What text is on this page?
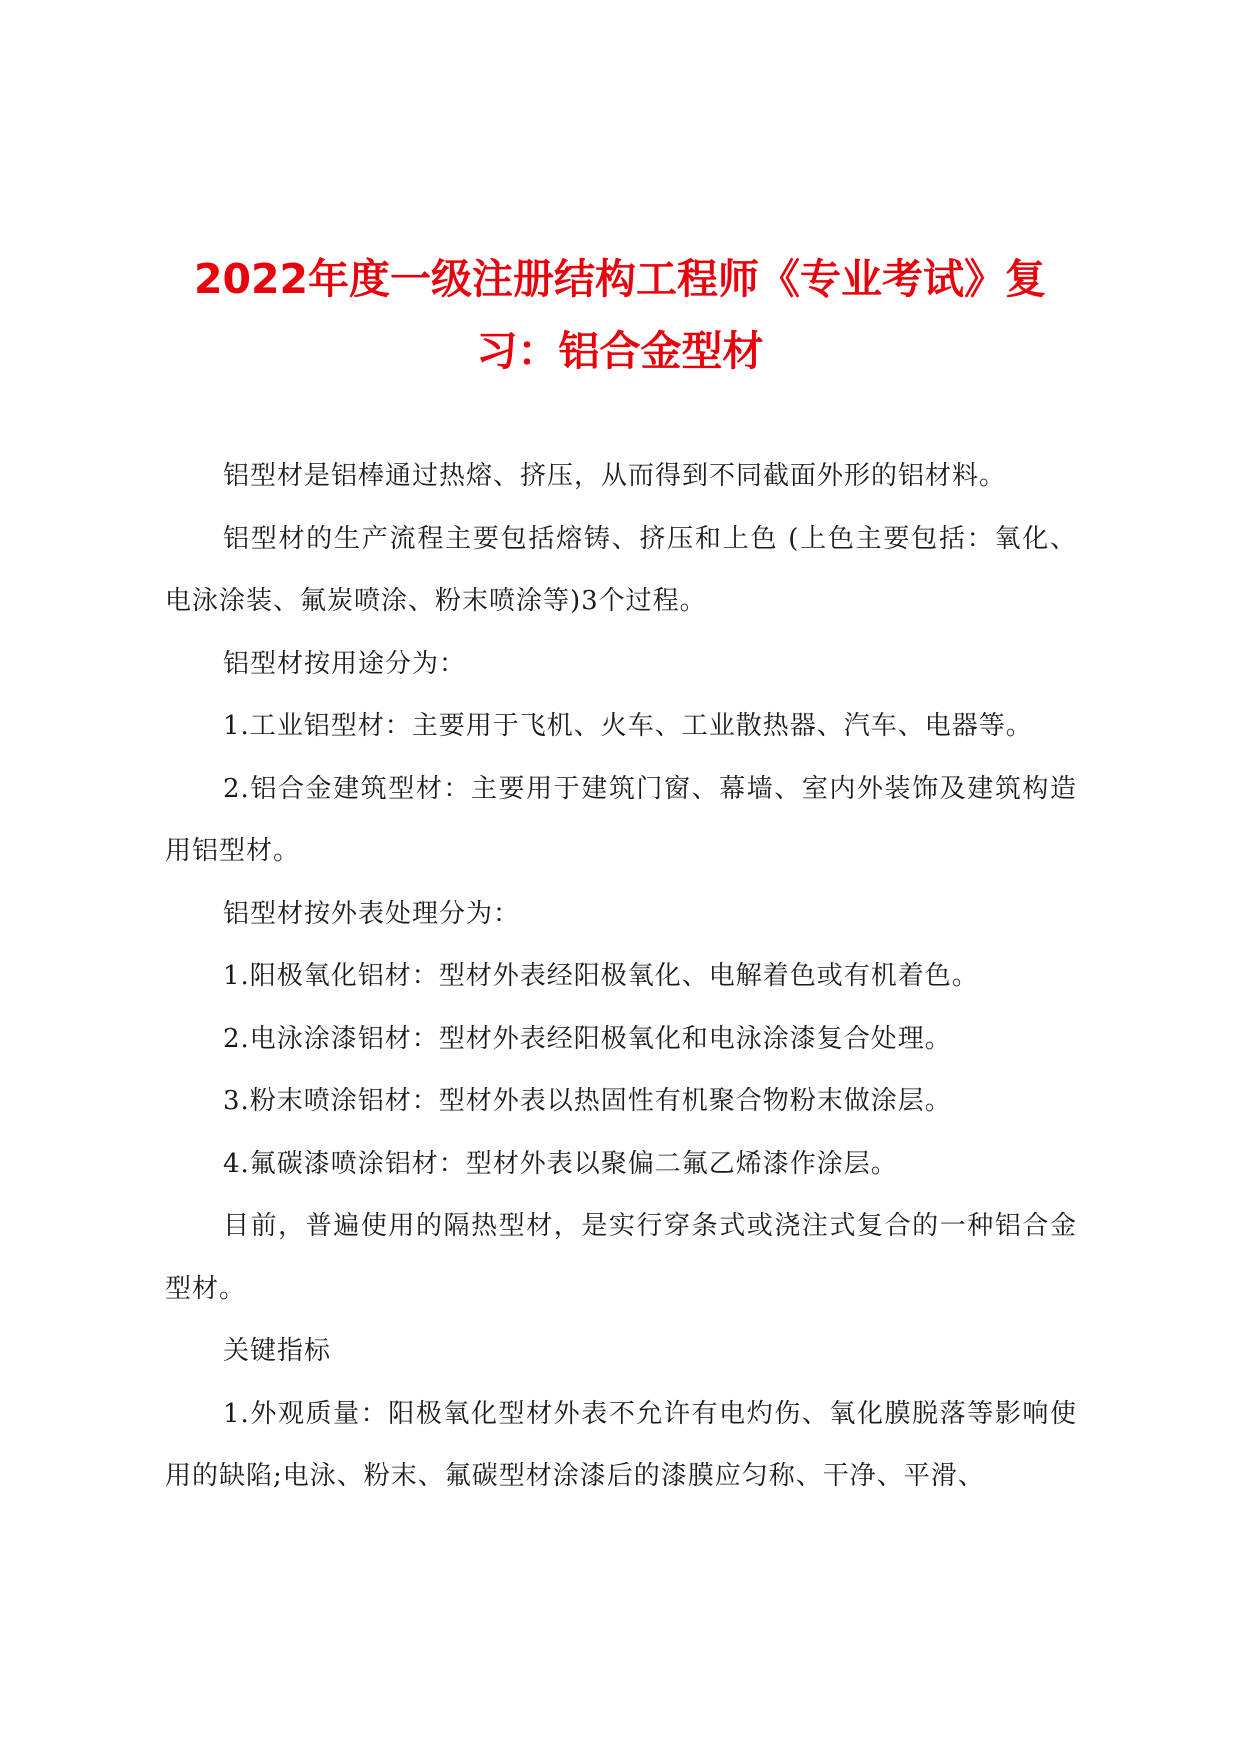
2022年度一级注册结构工程师《专业考试》复
习：铝合金型材

铝型材是铝棒通过热熔、挤压，从而得到不同截面外形的铝材料。

铝型材的生产流程主要包括熔铸、挤压和上色 (上色主要包括：氧化、电泳涂装、氟炭喷涂、粉末喷涂等)3个过程。

铝型材按用途分为：

1.工业铝型材：主要用于飞机、火车、工业散热器、汽车、电器等。

2.铝合金建筑型材：主要用于建筑门窗、幕墙、室内外装饰及建筑构造用铝型材。

铝型材按外表处理分为：

1.阳极氧化铝材：型材外表经阳极氧化、电解着色或有机着色。

2.电泳涂漆铝材：型材外表经阳极氧化和电泳涂漆复合处理。

3.粉末喷涂铝材：型材外表以热固性有机聚合物粉末做涂层。

4.氟碳漆喷涂铝材：型材外表以聚偏二氟乙烯漆作涂层。

目前，普遍使用的隔热型材，是实行穿条式或浇注式复合的一种铝合金型材。

关键指标

1.外观质量：阳极氧化型材外表不允许有电灼伤、氧化膜脱落等影响使用的缺陷;电泳、粉末、氟碳型材涂漆后的漆膜应匀称、干净、平滑、
